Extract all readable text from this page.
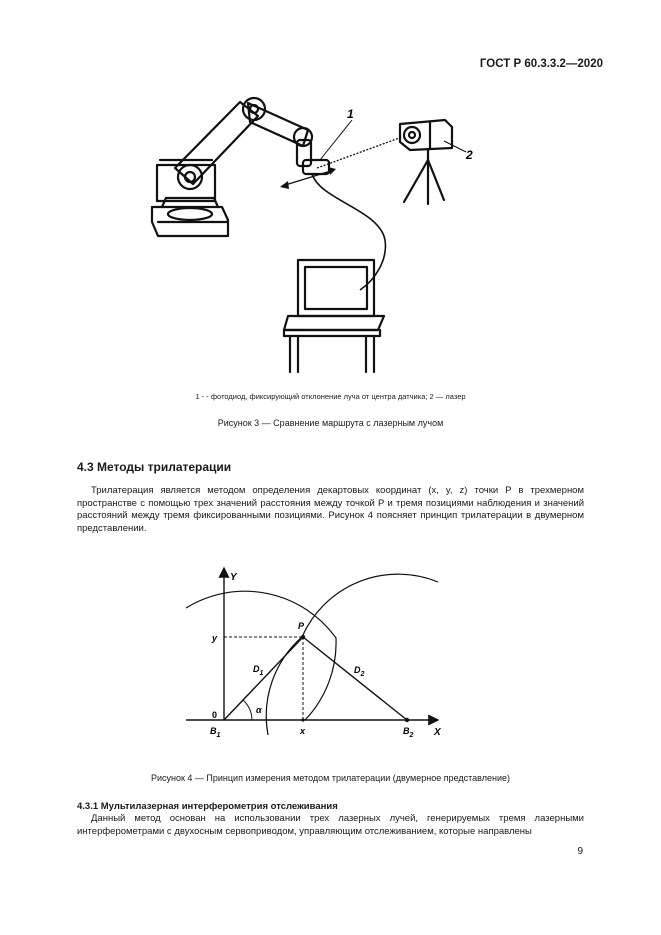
ГОСТ Р 60.3.3.2—2020
1
2
1 - - фотодиод, фиксирующий отклонение луча от центра датчика; 2 — лазер
Рисунок 3 — Сравнение маршрута с лазерным лучом
4.3 Методы трилатерации
Трилатерация является методом определения декартовых координат (x, y, z) точки P в трехмерном пространстве с помощью трех значений расстояния между точкой P и тремя позициями наблюдения и значений расстояний между тремя фиксированными позициями. Рисунок 4 поясняет принцип трилатерации в двумерном представлении.
Y
X
y
x
0
P
$D_1$	$D_2$
α
$B_1$	$B_2$
Рисунок 4 — Принцип измерения методом трилатерации (двумерное представление)
4.3.1 Мультилазерная интерферометрия отслеживания
Данный метод основан на использовании трех лазерных лучей, генерируемых тремя лазерными интерферометрами с двухосным сервоприводом, управляющим отслеживанием, которые направлены
9
